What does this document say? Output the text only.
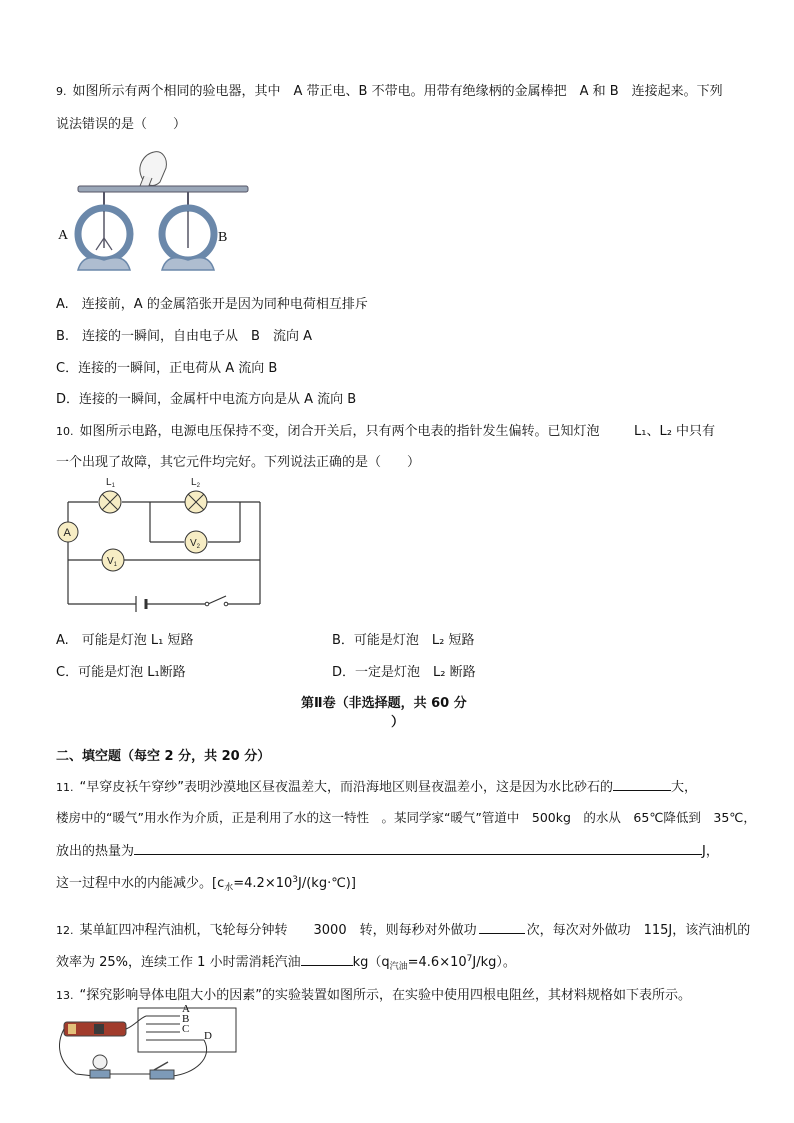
9. 如图所示有两个相同的验电器，其中　A 带正电、B 不带电。用带有绝缘柄的金属棒把　A 和 B　连接起来。下列
说法错误的是（　　）
A	B
A.　连接前，A 的金属箔张开是因为同种电荷相互排斥
B.　连接的一瞬间，自由电子从　B　流向 A
C．连接的一瞬间，正电荷从 A 流向 B
D．连接的一瞬间，金属杆中电流方向是从 A 流向 B
10. 如图所示电路，电源电压保持不变，闭合开关后，只有两个电表的指针发生偏转。已知灯泡	L₁、L₂ 中只有
一个出现了故障，其它元件均完好。下列说法正确的是（　　）
A
$L_1$	$L_2$
$V_2$
$V_1$
A.　可能是灯泡 L₁ 短路	B．可能是灯泡　L₂ 短路
C．可能是灯泡 L₁断路	D．一定是灯泡　L₂ 断路
第Ⅱ卷（非选择题，共 60 分
）
二、填空题（每空 2 分，共 20 分）
11. “早穿皮袄午穿纱”表明沙漠地区昼夜温差大，而沿海地区则昼夜温差小，这是因为水比砂石的	大，
楼房中的“暖气”用水作为介质，正是利用了水的这一特性　。某同学家“暖气”管道中　500kg　的水从　65℃降低到　35℃，
放出的热量为	J，
这一过程中水的内能减少。$[c_水=4.2\times 10^3J/(kg\cdot℃)]$
12. 某单缸四冲程汽油机，飞轮每分钟转　　3000　转，则每秒对外做功	次，每次对外做功　115J，该汽油机的
效率为 25%，连续工作 1 小时需消耗汽油	$kg(q_{汽油}=4.6\times 10^7J/kg)$。
13. “探究影响导体电阻大小的因素”的实验装置如图所示，在实验中使用四根电阻丝，其材料规格如下表所示。
A
B
C
D
